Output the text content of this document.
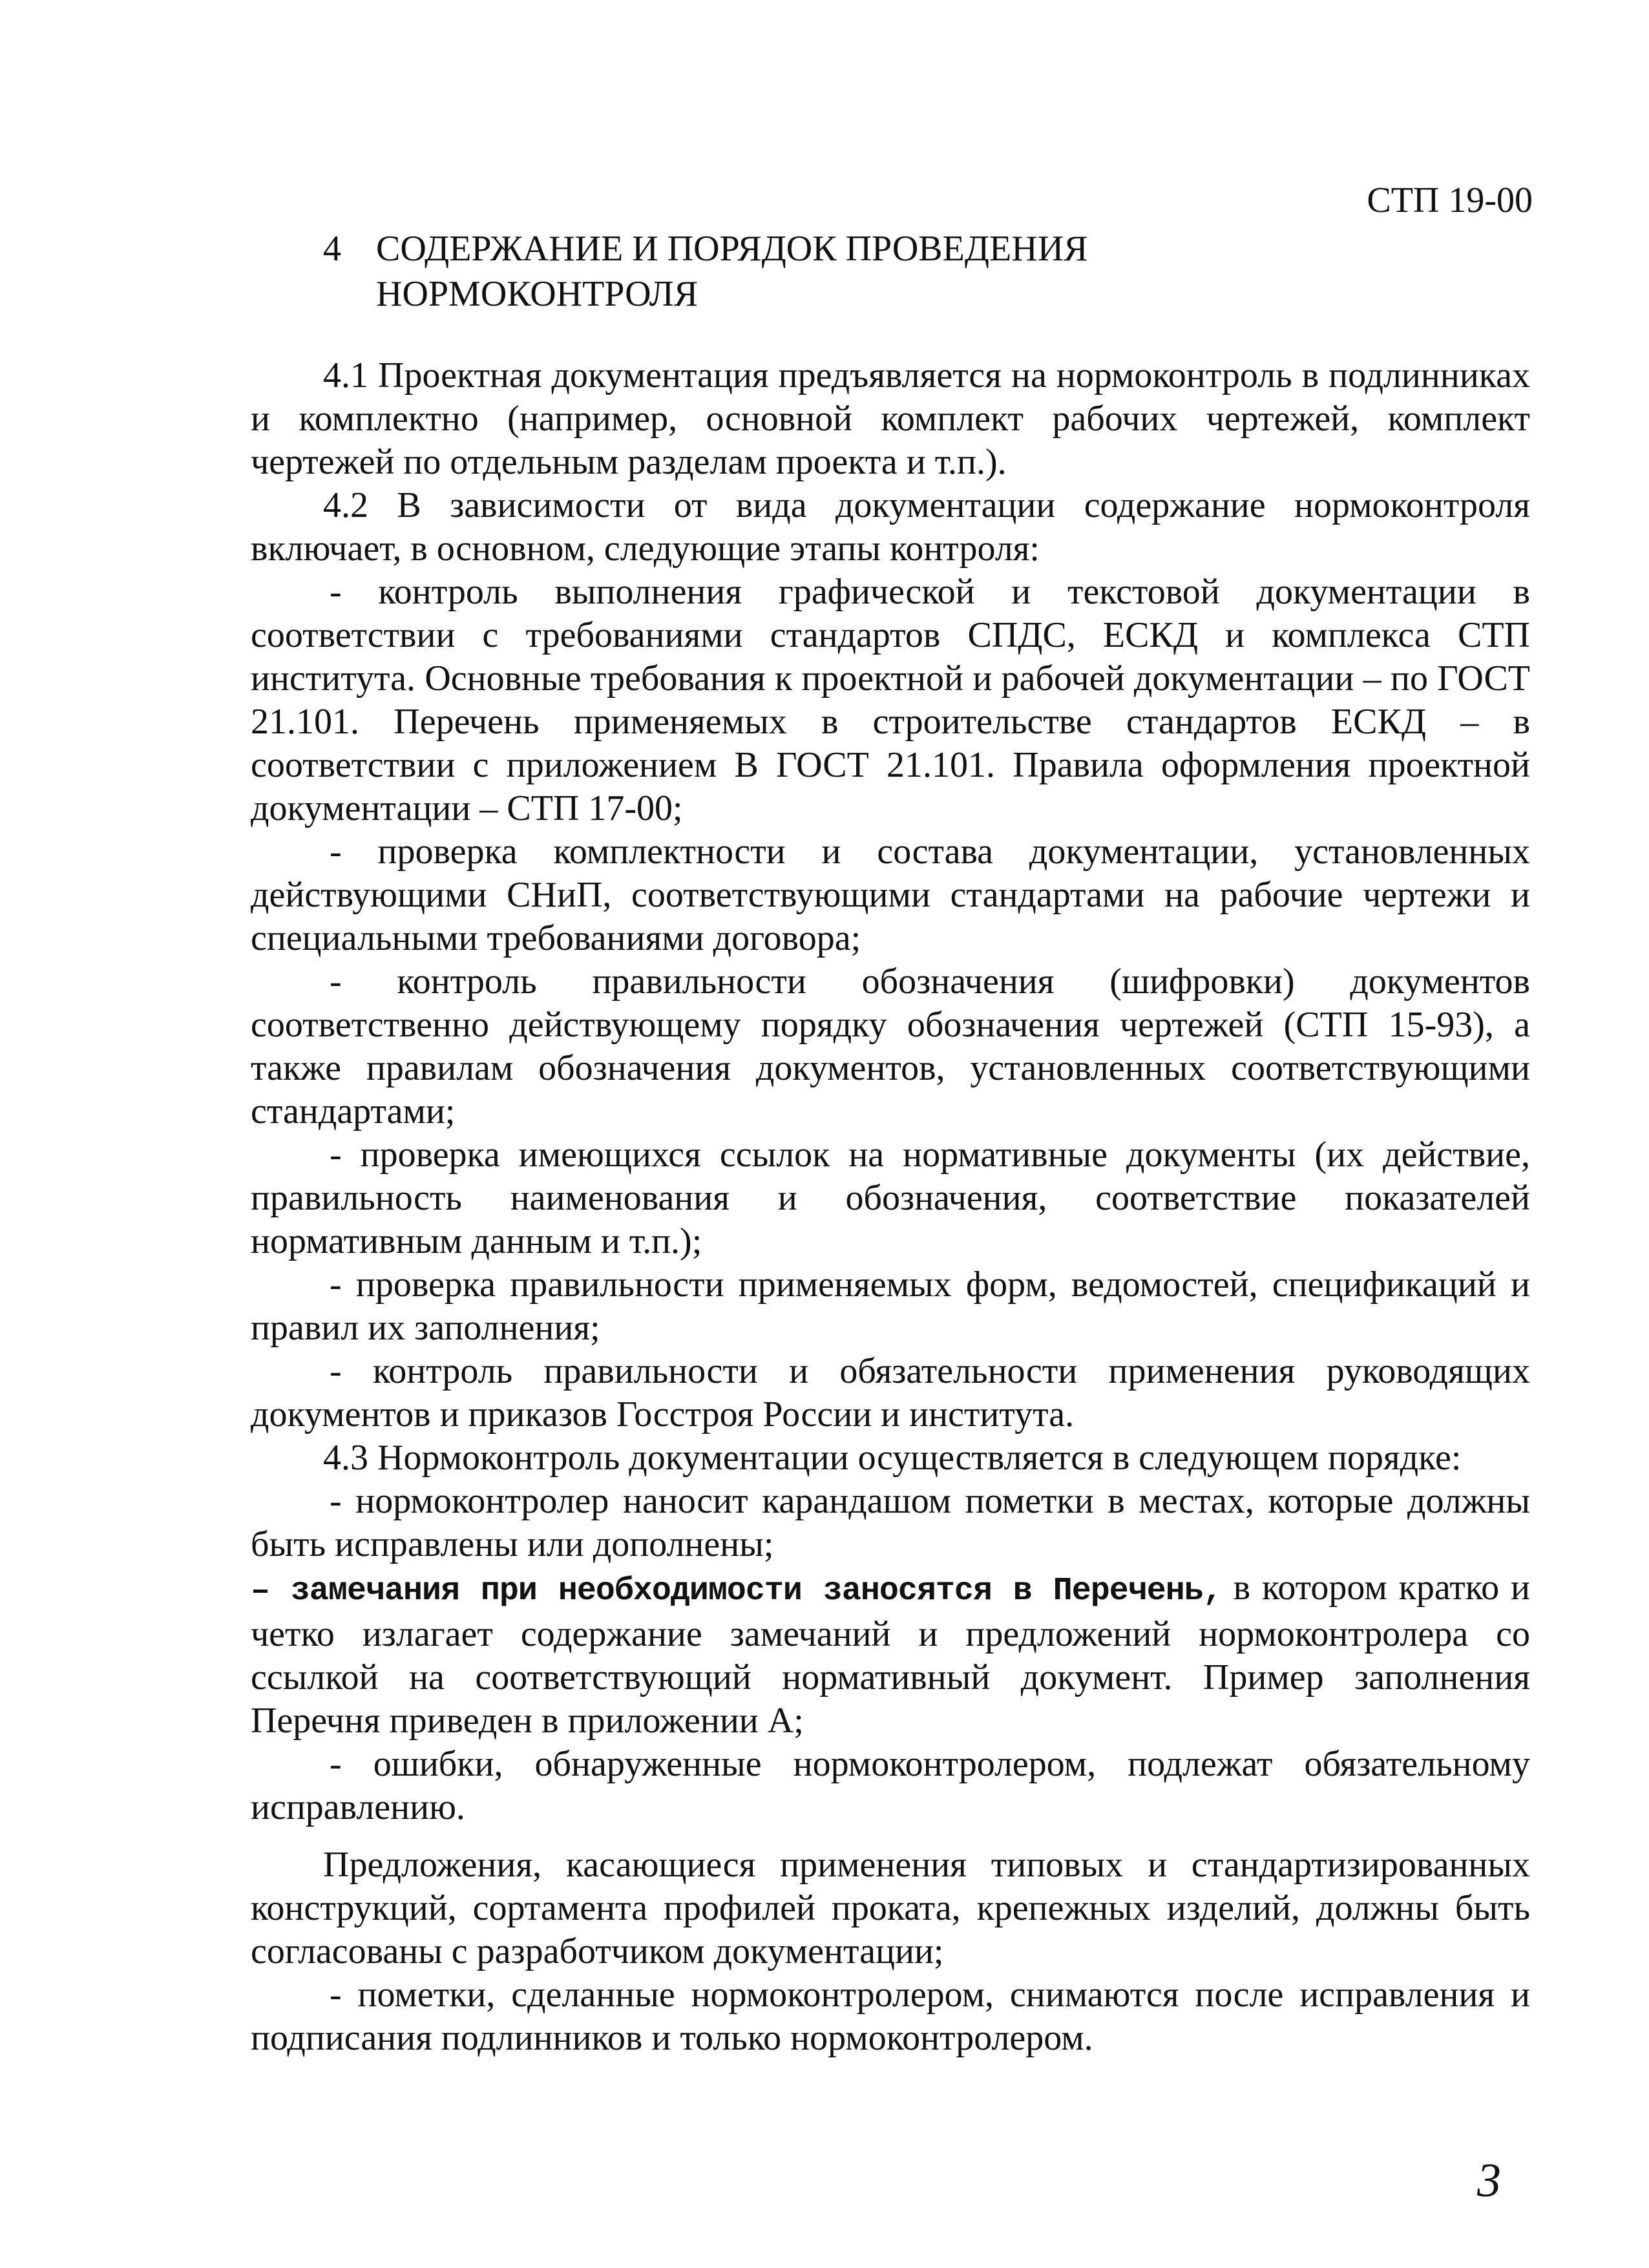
СТП 19-00
4 СОДЕРЖАНИЕ И ПОРЯДОК ПРОВЕДЕНИЯ
НОРМОКОНТРОЛЯ

4.1 Проектная документация предъявляется на нормоконтроль в подлинниках и комплектно (например, основной комплект рабочих чертежей, комплект чертежей по отдельным разделам проекта и т.п.).

4.2 В зависимости от вида документации содержание нормоконтроля включает, в основном, следующие этапы контроля:

- контроль выполнения графической и текстовой документации в соответствии с требованиями стандартов СПДС, ЕСКД и комплекса СТП института. Основные требования к проектной и рабочей документации – по ГОСТ 21.101. Перечень применяемых в строительстве стандартов ЕСКД – в соответствии с приложением В ГОСТ 21.101. Правила оформления проектной документации – СТП 17-00;

- проверка комплектности и состава документации, установленных действующими СНиП, соответствующими стандартами на рабочие чертежи и специальными требованиями договора;

- контроль правильности обозначения (шифровки) документов соответственно действующему порядку обозначения чертежей (СТП 15-93), а также правилам обозначения документов, установленных соответствующими стандартами;

- проверка имеющихся ссылок на нормативные документы (их действие, правильность наименования и обозначения, соответствие показателей нормативным данным и т.п.);

- проверка правильности применяемых форм, ведомостей, спецификаций и правил их заполнения;

- контроль правильности и обязательности применения руководящих документов и приказов Госстроя России и института.

4.3 Нормоконтроль документации осуществляется в следующем порядке:

- нормоконтролер наносит карандашом пометки в местах, которые должны быть исправлены или дополнены;

– замечания при необходимости заносятся в Перечень, в котором кратко и четко излагает содержание замечаний и предложений нормоконтролера со ссылкой на соответствующий нормативный документ. Пример заполнения Перечня приведен в приложении А;

- ошибки, обнаруженные нормоконтролером, подлежат обязательному исправлению.

Предложения, касающиеся применения типовых и стандартизированных конструкций, сортамента профилей проката, крепежных изделий, должны быть согласованы с разработчиком документации;

- пометки, сделанные нормоконтролером, снимаются после исправления и подписания подлинников и только нормоконтролером.

3
